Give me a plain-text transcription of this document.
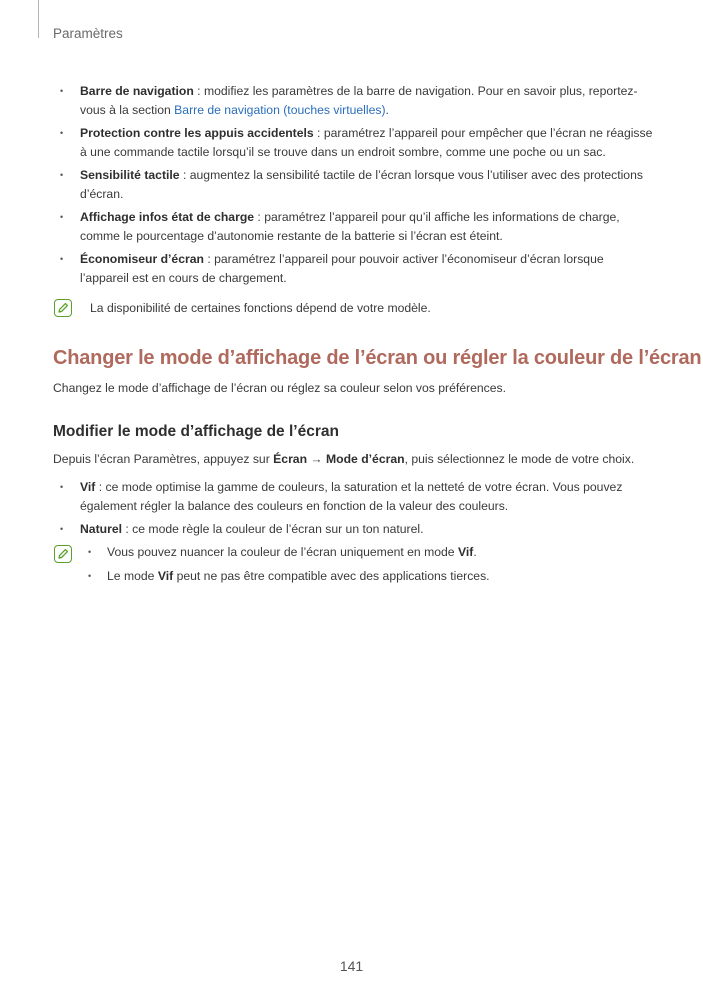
Paramètres
• Barre de navigation : modifiez les paramètres de la barre de navigation. Pour en savoir plus, reportez-vous à la section Barre de navigation (touches virtuelles).
• Protection contre les appuis accidentels : paramétrez l’appareil pour empêcher que l’écran ne réagisse à une commande tactile lorsqu’il se trouve dans un endroit sombre, comme une poche ou un sac.
• Sensibilité tactile : augmentez la sensibilité tactile de l’écran lorsque vous l’utiliser avec des protections d’écran.
• Affichage infos état de charge : paramétrez l’appareil pour qu’il affiche les informations de charge, comme le pourcentage d’autonomie restante de la batterie si l’écran est éteint.
• Économiseur d’écran : paramétrez l’appareil pour pouvoir activer l’économiseur d’écran lorsque l’appareil est en cours de chargement.
La disponibilité de certaines fonctions dépend de votre modèle.
Changer le mode d’affichage de l’écran ou régler la couleur de l’écran
Changez le mode d’affichage de l’écran ou réglez sa couleur selon vos préférences.
Modifier le mode d’affichage de l’écran
Depuis l’écran Paramètres, appuyez sur Écran → Mode d’écran, puis sélectionnez le mode de votre choix.
• Vif : ce mode optimise la gamme de couleurs, la saturation et la netteté de votre écran. Vous pouvez également régler la balance des couleurs en fonction de la valeur des couleurs.
• Naturel : ce mode règle la couleur de l’écran sur un ton naturel.
• Vous pouvez nuancer la couleur de l’écran uniquement en mode Vif.
• Le mode Vif peut ne pas être compatible avec des applications tierces.
141
